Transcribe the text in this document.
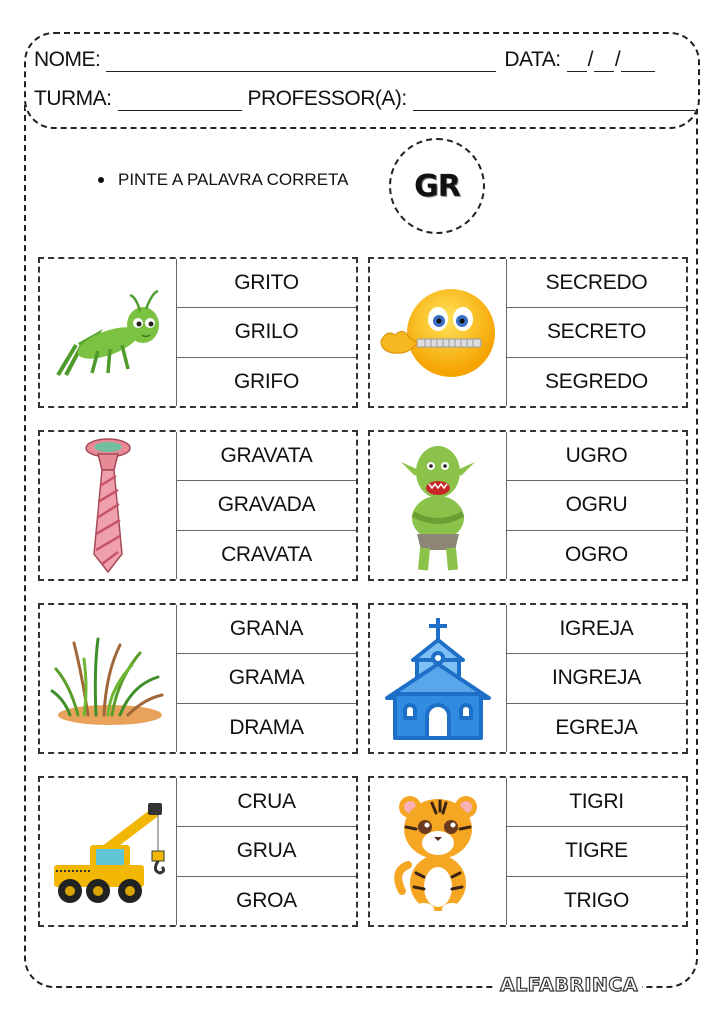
NOME:	DATA: / /
TURMA:	PROFESSOR(A):
PINTE A PALAVRA CORRETA GR
GRITO
GRILO
GRIFO
SECREDO
SECRETO
SEGREDO
GRAVATA
GRAVADA
CRAVATA
UGRO
OGRU
OGRO
GRANA
GRAMA
DRAMA
IGREJA
INGREJA
EGREJA
CRUA
GRUA
GROA
TIGRI
TIGRE
TRIGO
ALFABRINCA
